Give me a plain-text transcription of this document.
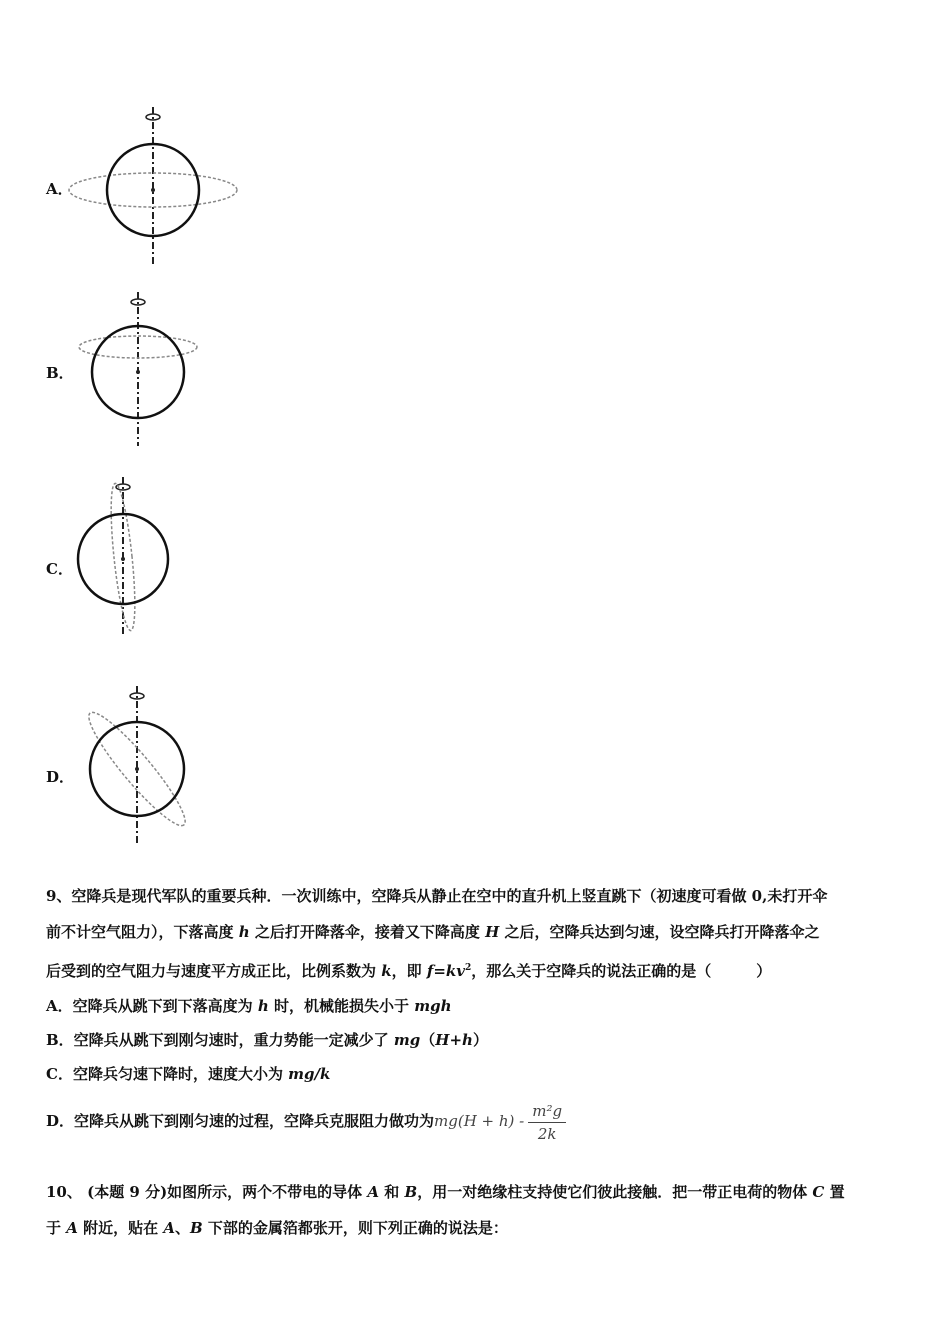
A．
B．
C．
D．

9、空降兵是现代军队的重要兵种．一次训练中，空降兵从静止在空中的直升机上竖直跳下（初速度可看做 0,未打开伞

前不计空气阻力），下落高度 h 之后打开降落伞，接着又下降高度 H 之后，空降兵达到匀速，设空降兵打开降落伞之

后受到的空气阻力与速度平方成正比，比例系数为 k，即 $f=kv^2$，那么关于空降兵的说法正确的是（　　　）

A．空降兵从跳下到下落高度为 h 时，机械能损失小于 mgh

B．空降兵从跳下到刚匀速时，重力势能一定减少了 mg（H+h）

C．空降兵匀速下降时，速度大小为 mg/k

D．空降兵从跳下到刚匀速的过程，空降兵克服阻力做功为$mg(H + h) - \frac{\text{m²g}}{2k}$

10、 (本题 9 分)如图所示，两个不带电的导体 A 和 B，用一对绝缘柱支持使它们彼此接触．把一带正电荷的物体 C 置

于 A 附近，贴在 A、B 下部的金属箔都张开，则下列正确的说法是：
